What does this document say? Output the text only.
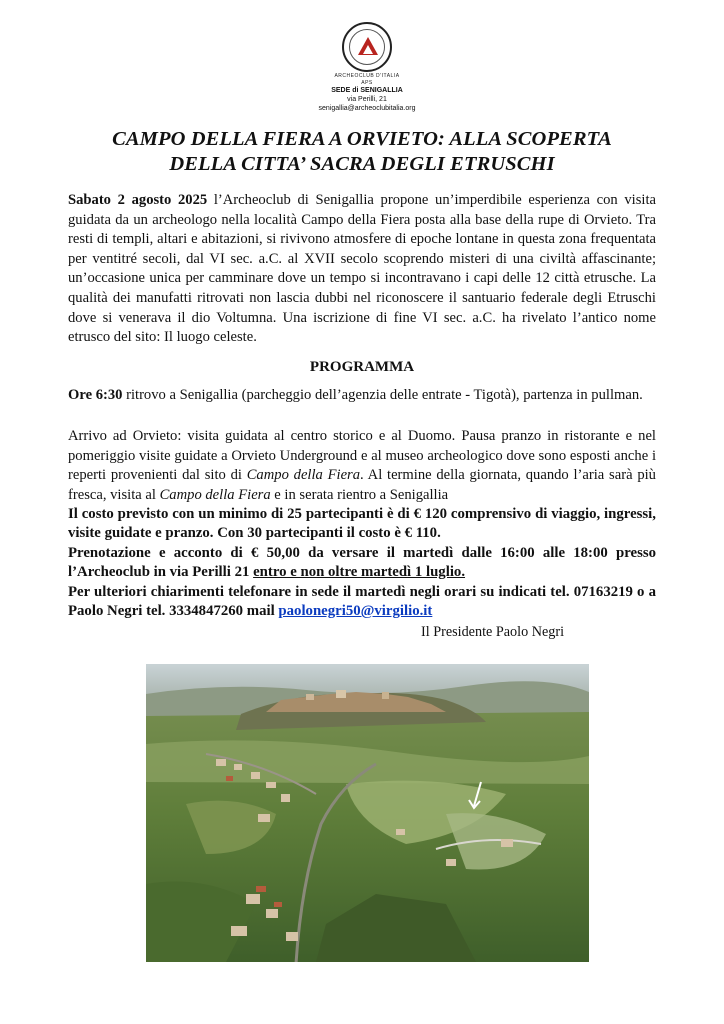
ARCHEOCLUB D'ITALIA
APS
SEDE di SENIGALLIA
via Perilli, 21
senigallia@archeoclubitalia.org
CAMPO DELLA FIERA A ORVIETO: ALLA SCOPERTA
DELLA CITTA’ SACRA DEGLI ETRUSCHI

Sabato 2 agosto 2025 l’Archeoclub di Senigallia propone un’imperdibile esperienza con visita guidata da un archeologo nella località Campo della Fiera posta alla base della rupe di Orvieto. Tra resti di templi, altari e abitazioni, si rivivono atmosfere di epoche lontane in questa zona frequentata per ventitré secoli, dal VI sec. a.C. al XVII secolo scoprendo misteri di una civiltà affascinante; un’occasione unica per camminare dove un tempo si incontravano i capi delle 12 città etrusche. La qualità dei manufatti ritrovati non lascia dubbi nel riconoscere il santuario federale degli Etruschi dove si venerava il dio Voltumna. Una iscrizione di fine VI sec. a.C. ha rivelato l’antico nome etrusco del sito: Il luogo celeste.

PROGRAMMA

Ore 6:30 ritrovo a Senigallia (parcheggio dell’agenzia delle entrate - Tigotà), partenza in pullman.

Arrivo ad Orvieto: visita guidata al centro storico e al Duomo. Pausa pranzo in ristorante e nel pomeriggio visite guidate a Orvieto Underground e al museo archeologico dove sono esposti anche i reperti provenienti dal sito di Campo della Fiera. Al termine della giornata, quando l’aria sarà più fresca, visita al Campo della Fiera e in serata rientro a Senigallia

Il costo previsto con un minimo di 25 partecipanti è di € 120 comprensivo di viaggio, ingressi, visite guidate e pranzo. Con 30 partecipanti il costo è € 110.
Prenotazione e acconto di € 50,00 da versare il martedì dalle 16:00 alle 18:00 presso l’Archeoclub in via Perilli 21 entro e non oltre martedì 1 luglio.
Per ulteriori chiarimenti telefonare in sede il martedì negli orari su indicati tel. 07163219 o a Paolo Negri tel. 3334847260 mail paolonegri50@virgilio.it

Il Presidente Paolo Negri
